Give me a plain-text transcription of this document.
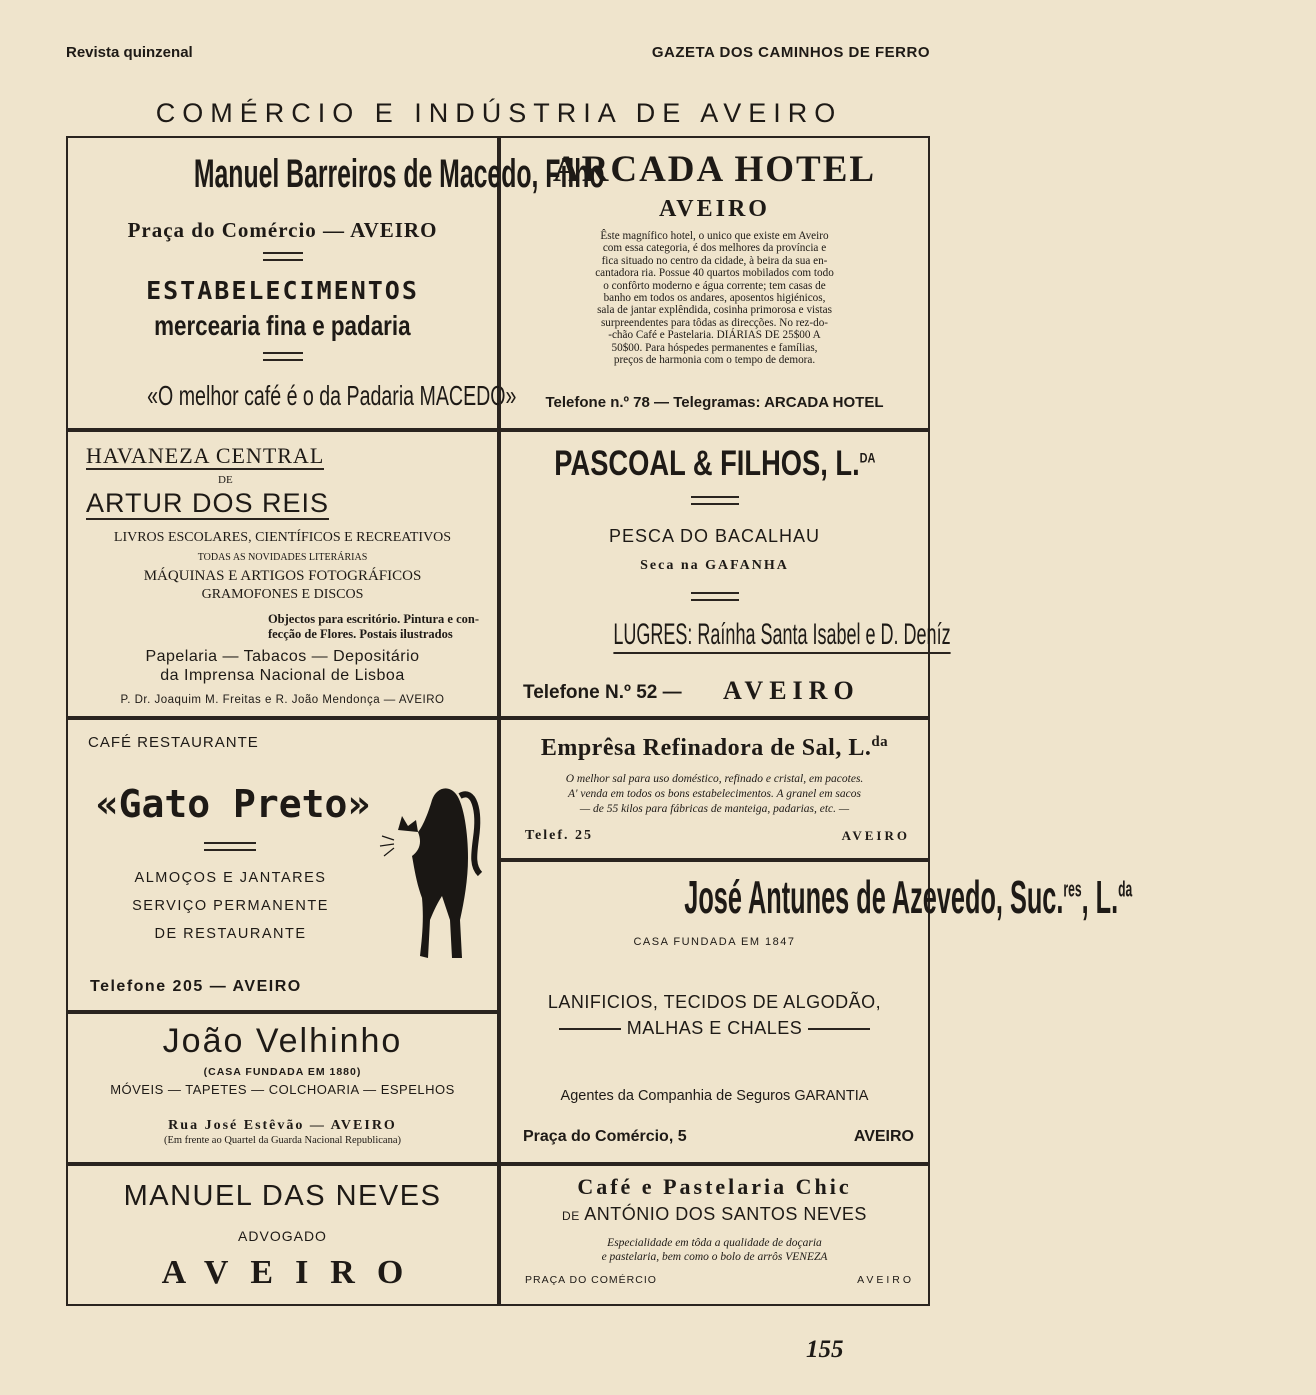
Revista quinzenal	GAZETA DOS CAMINHOS DE FERRO
COMÉRCIO E INDÚSTRIA DE AVEIRO
Manuel Barreiros de Macedo, Filho
Praça do Comércio — AVEIRO
ESTABELECIMENTOS
mercearia fina e padaria
«O melhor café é o da Padaria MACEDO»
ARCADA HOTEL
AVEIRO
Êste magnífico hotel, o unico que existe em Aveiro
com essa categoria, é dos melhores da província e
fica situado no centro da cidade, à beira da sua en-
cantadora ria. Possue 40 quartos mobilados com todo
o confôrto moderno e água corrente; tem casas de
banho em todos os andares, aposentos higiénicos,
sala de jantar explêndida, cosinha primorosa e vistas
surpreendentes para tôdas as direcções. No rez-do-
-chão Café e Pastelaria. DIÁRIAS DE 25$00 A
50$00. Para hóspedes permanentes e famílias,
preços de harmonia com o tempo de demora.
Telefone n.º 78 — Telegramas: ARCADA HOTEL
HAVANEZA CENTRAL
DE
ARTUR DOS REIS
LIVROS ESCOLARES, CIENTÍFICOS E RECREATIVOS
TODAS AS NOVIDADES LITERÁRIAS
MÁQUINAS E ARTIGOS FOTOGRÁFICOS
GRAMOFONES E DISCOS
Objectos para escritório. Pintura e con-
fecção de Flores. Postais ilustrados
Papelaria — Tabacos — Depositário
da Imprensa Nacional de Lisboa
P. Dr. Joaquim M. Freitas e R. João Mendonça — AVEIRO
PASCOAL & FILHOS, L.$^{DA}$
PESCA DO BACALHAU
Seca na GAFANHA
LUGRES: Raínha Santa Isabel e D. Deníz
Telefone N.º 52 — AVEIRO
CAFÉ RESTAURANTE
«Gato Preto»
ALMOÇOS E JANTARES
SERVIÇO PERMANENTE
DE RESTAURANTE
Telefone 205 — AVEIRO
Emprêsa Refinadora de Sal, L.$^{da}$
O melhor sal para uso doméstico, refinado e cristal, em pacotes.
A' venda em todos os bons estabelecimentos. A granel em sacos
— de 55 kilos para fábricas de manteiga, padarias, etc. —
Telef. 25	AVEIRO
José Antunes de Azevedo, Suc.$^{res}$, L.$^{da}$
CASA FUNDADA EM 1847
LANIFICIOS, TECIDOS DE ALGODÃO,
MALHAS E CHALES
Agentes da Companhia de Seguros GARANTIA
Praça do Comércio, 5	AVEIRO
João Velhinho
(CASA FUNDADA EM 1880)
MÓVEIS — TAPETES — COLCHOARIA — ESPELHOS
Rua José Estêvão — AVEIRO
(Em frente ao Quartel da Guarda Nacional Republicana)
MANUEL DAS NEVES
ADVOGADO
AVEIRO
Café e Pastelaria Chic
DE ANTÓNIO DOS SANTOS NEVES
Especialidade em tôda a qualidade de doçaria
e pastelaria, bem como o bolo de arrôs VENEZA
PRAÇA DO COMÉRCIO	AVEIRO
155
